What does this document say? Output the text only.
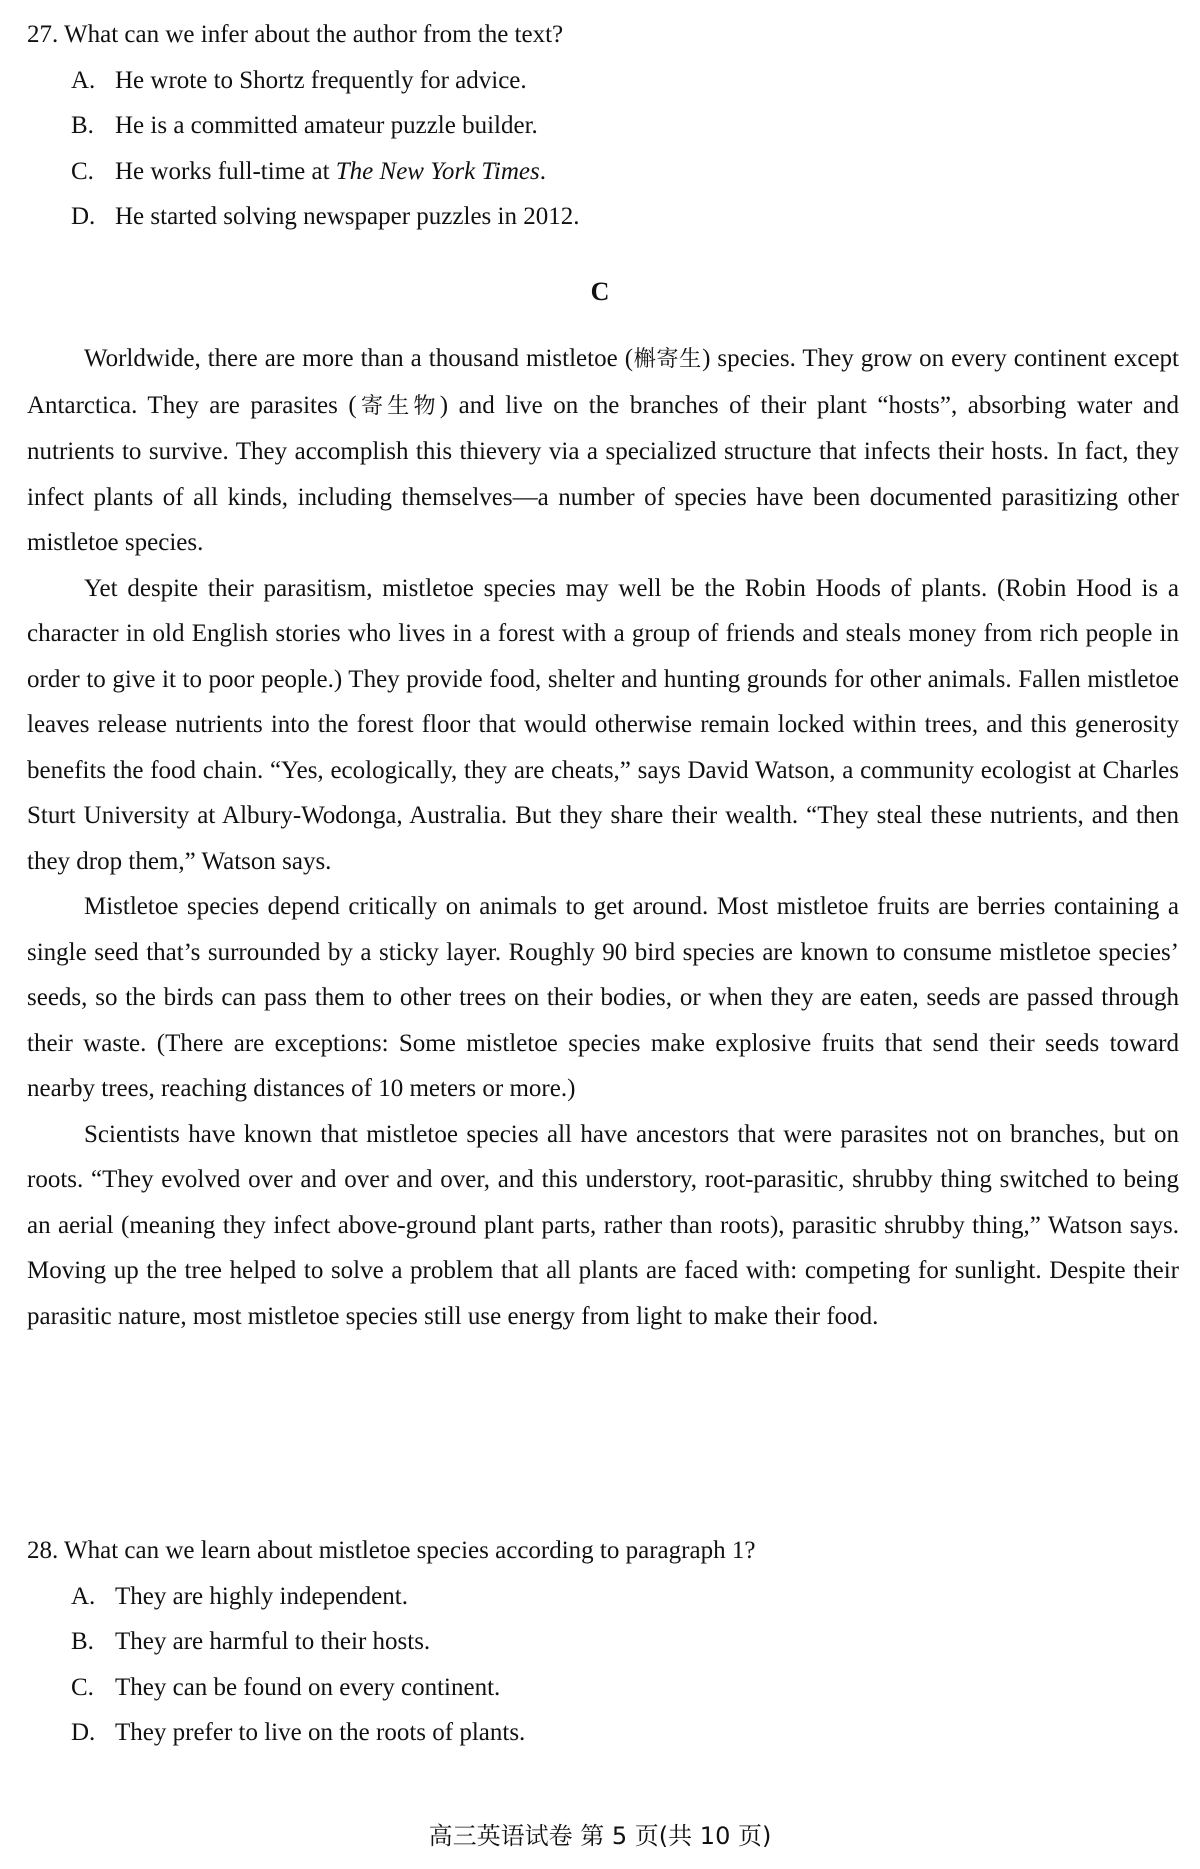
27. What can we infer about the author from the text?
A. He wrote to Shortz frequently for advice.
B. He is a committed amateur puzzle builder.
C. He works full-time at The New York Times.
D. He started solving newspaper puzzles in 2012.
C

Worldwide, there are more than a thousand mistletoe (槲寄生) species. They grow on every continent except Antarctica. They are parasites (寄生物) and live on the branches of their plant “hosts”, absorbing water and nutrients to survive. They accomplish this thievery via a specialized structure that infects their hosts. In fact, they infect plants of all kinds, including themselves—a number of species have been documented parasitizing other mistletoe species.

Yet despite their parasitism, mistletoe species may well be the Robin Hoods of plants. (Robin Hood is a character in old English stories who lives in a forest with a group of friends and steals money from rich people in order to give it to poor people.) They provide food, shelter and hunting grounds for other animals. Fallen mistletoe leaves release nutrients into the forest floor that would otherwise remain locked within trees, and this generosity benefits the food chain. “Yes, ecologically, they are cheats,” says David Watson, a community ecologist at Charles Sturt University at Albury-Wodonga, Australia. But they share their wealth. “They steal these nutrients, and then they drop them,” Watson says.

Mistletoe species depend critically on animals to get around. Most mistletoe fruits are berries containing a single seed that’s surrounded by a sticky layer. Roughly 90 bird species are known to consume mistletoe species’ seeds, so the birds can pass them to other trees on their bodies, or when they are eaten, seeds are passed through their waste. (There are exceptions: Some mistletoe species make explosive fruits that send their seeds toward nearby trees, reaching distances of 10 meters or more.)

Scientists have known that mistletoe species all have ancestors that were parasites not on branches, but on roots. “They evolved over and over and over, and this understory, root-parasitic, shrubby thing switched to being an aerial (meaning they infect above-ground plant parts, rather than roots), parasitic shrubby thing,” Watson says. Moving up the tree helped to solve a problem that all plants are faced with: competing for sunlight. Despite their parasitic nature, most mistletoe species still use energy from light to make their food.

28. What can we learn about mistletoe species according to paragraph 1?
A. They are highly independent.
B. They are harmful to their hosts.
C. They can be found on every continent.
D. They prefer to live on the roots of plants.
高三英语试卷 第 5 页(共 10 页)
